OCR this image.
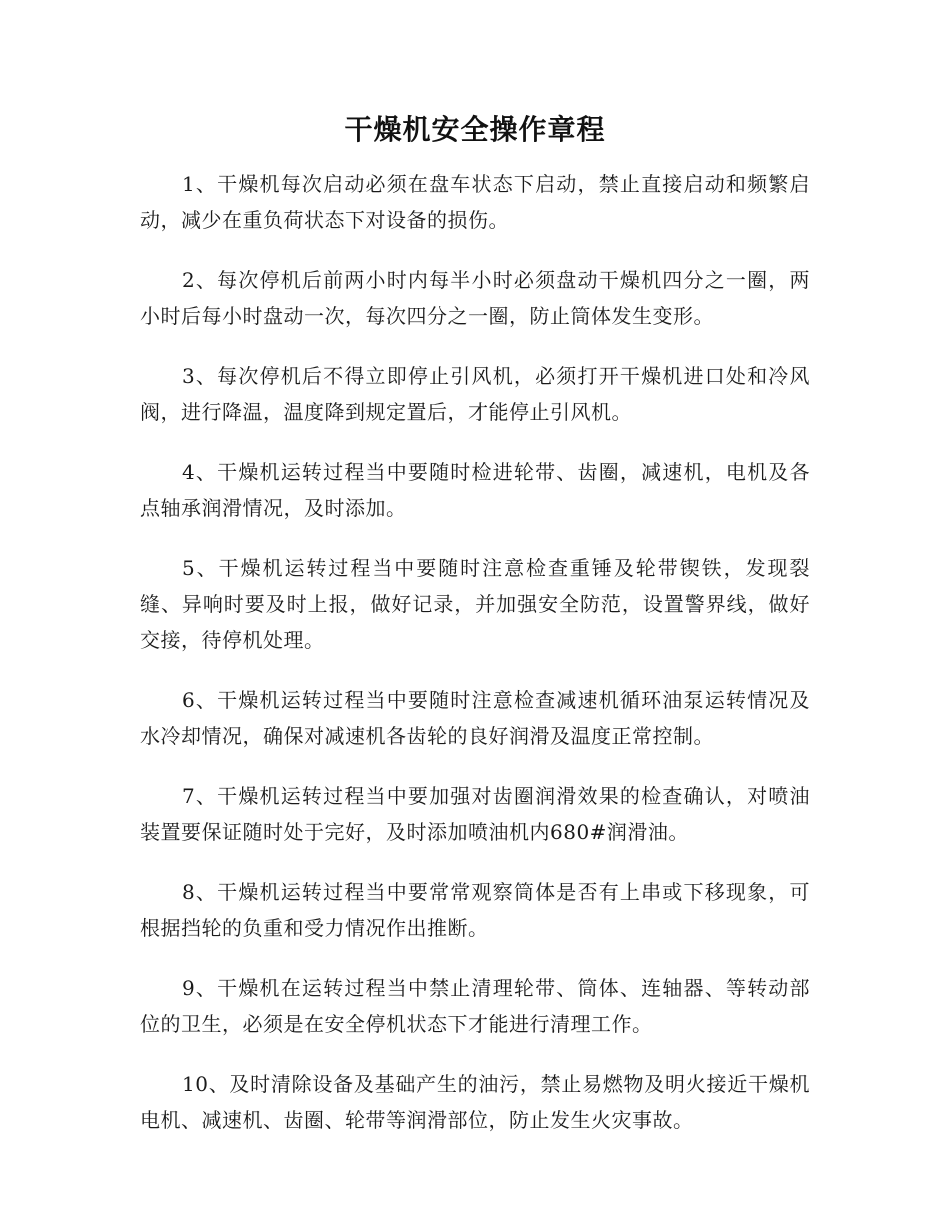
干燥机安全操作章程

1、干燥机每次启动必须在盘车状态下启动，禁止直接启动和频繁启动，减少在重负荷状态下对设备的损伤。

2、每次停机后前两小时内每半小时必须盘动干燥机四分之一圈，两小时后每小时盘动一次，每次四分之一圈，防止筒体发生变形。

3、每次停机后不得立即停止引风机，必须打开干燥机进口处和冷风阀，进行降温，温度降到规定置后，才能停止引风机。

4、干燥机运转过程当中要随时检进轮带、齿圈，减速机，电机及各点轴承润滑情况，及时添加。

5、干燥机运转过程当中要随时注意检查重锤及轮带锲铁，发现裂缝、异响时要及时上报，做好记录，并加强安全防范，设置警界线，做好交接，待停机处理。

6、干燥机运转过程当中要随时注意检查减速机循环油泵运转情况及水冷却情况，确保对减速机各齿轮的良好润滑及温度正常控制。

7、干燥机运转过程当中要加强对齿圈润滑效果的检查确认，对喷油装置要保证随时处于完好，及时添加喷油机内680#润滑油。

8、干燥机运转过程当中要常常观察筒体是否有上串或下移现象，可根据挡轮的负重和受力情况作出推断。

9、干燥机在运转过程当中禁止清理轮带、筒体、连轴器、等转动部位的卫生，必须是在安全停机状态下才能进行清理工作。

10、及时清除设备及基础产生的油污，禁止易燃物及明火接近干燥机电机、减速机、齿圈、轮带等润滑部位，防止发生火灾事故。
